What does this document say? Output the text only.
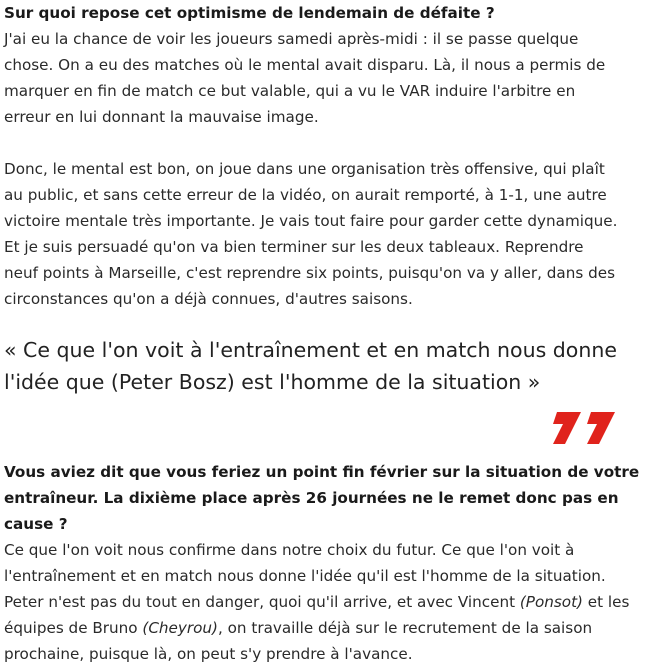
Sur quoi repose cet optimisme de lendemain de défaite ?

J'ai eu la chance de voir les joueurs samedi après-midi : il se passe quelque
chose. On a eu des matches où le mental avait disparu. Là, il nous a permis de
marquer en fin de match ce but valable, qui a vu le VAR induire l'arbitre en
erreur en lui donnant la mauvaise image.

Donc, le mental est bon, on joue dans une organisation très offensive, qui plaît
au public, et sans cette erreur de la vidéo, on aurait remporté, à 1-1, une autre
victoire mentale très importante. Je vais tout faire pour garder cette dynamique.
Et je suis persuadé qu'on va bien terminer sur les deux tableaux. Reprendre
neuf points à Marseille, c'est reprendre six points, puisqu'on va y aller, dans des
circonstances qu'on a déjà connues, d'autres saisons.

« Ce que l'on voit à l'entraînement et en match nous donne
l'idée que (Peter Bosz) est l'homme de la situation »

Vous aviez dit que vous feriez un point fin février sur la situation de votre
entraîneur. La dixième place après 26 journées ne le remet donc pas en
cause ?

Ce que l'on voit nous confirme dans notre choix du futur. Ce que l'on voit à
l'entraînement et en match nous donne l'idée qu'il est l'homme de la situation.
Peter n'est pas du tout en danger, quoi qu'il arrive, et avec Vincent (Ponsot) et les
équipes de Bruno (Cheyrou), on travaille déjà sur le recrutement de la saison
prochaine, puisque là, on peut s'y prendre à l'avance.
